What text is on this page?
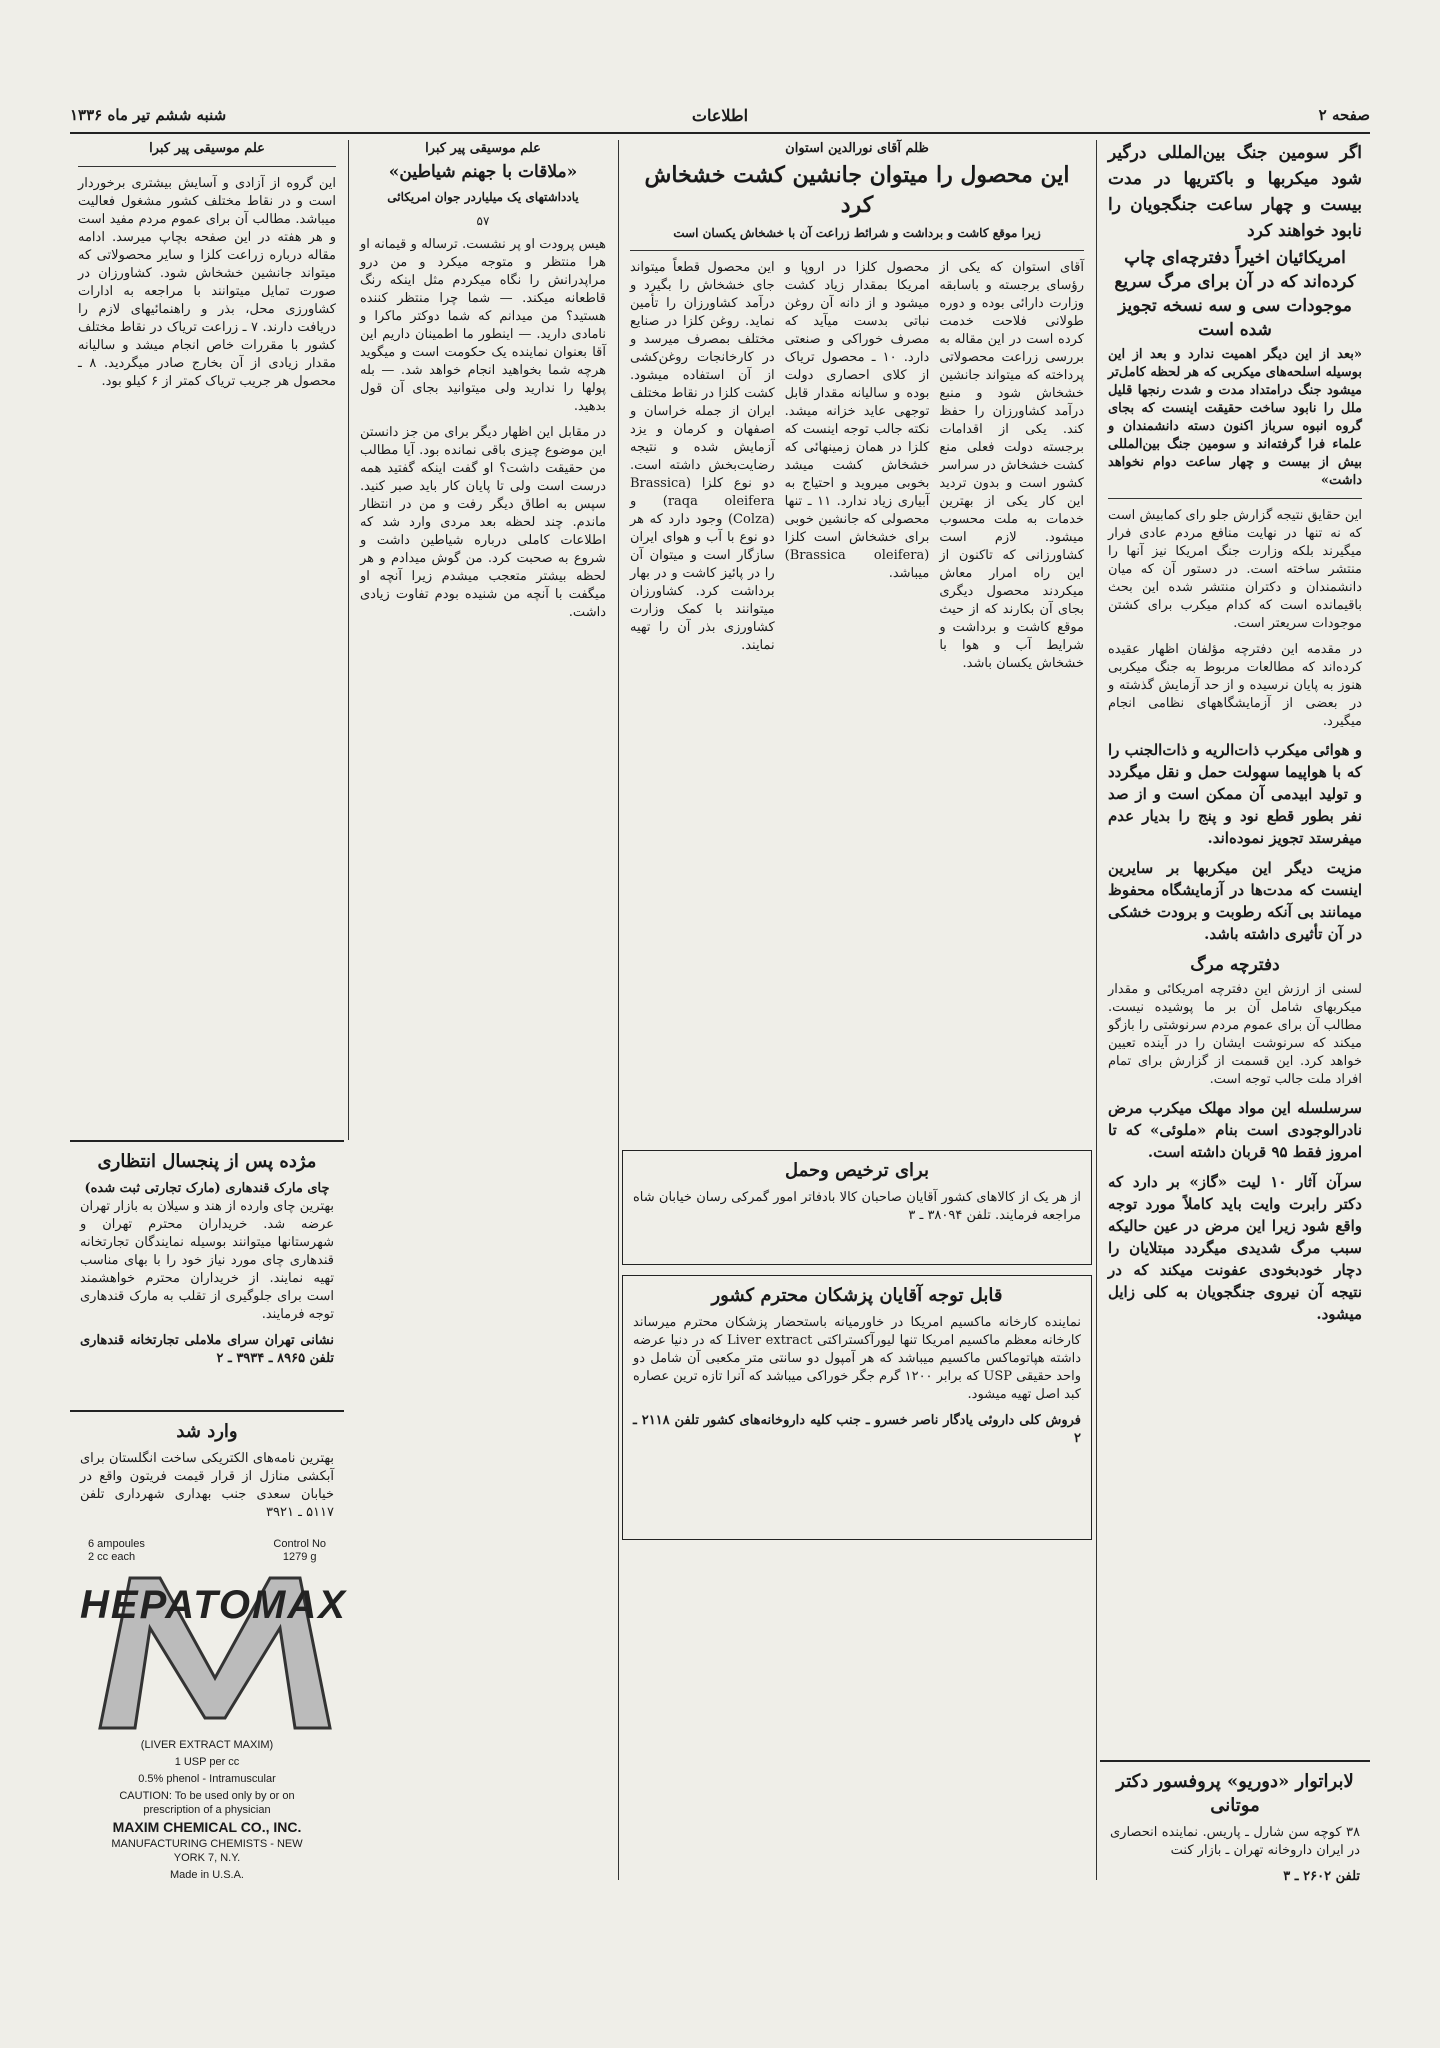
صفحه ۲
اطلاعات
شنبه ششم تیر ماه ۱۳۳۶
اگر سومین جنگ بین‌المللی درگیر شود میکربها و باکتریها در مدت بیست و چهار ساعت جنگجویان را نابود خواهند کرد
امریکائیان اخیراً دفترچه‌ای چاپ کرده‌اند که در آن برای مرگ سریع موجودات سی و سه نسخه تجویز شده است

«بعد از این دیگر اهمیت ندارد و بعد از این بوسیله اسلحه‌های میکربی که هر لحظه کامل‌تر میشود جنگ درامتداد مدت و شدت رنجها قلیل ملل را نابود ساخت حقیقت اینست که بجای گروه انبوه سرباز اکنون دسته دانشمندان و علماء فرا گرفته‌اند و سومین جنگ بین‌المللی بیش از بیست و چهار ساعت دوام نخواهد داشت»

این حقایق نتیجه گزارش جلو رای کمابیش است که نه تنها در نهایت منافع مردم عادی فرار میگیرند بلکه وزارت جنگ امریکا نیز آنها را منتشر ساخته است. در دستور آن که میان دانشمندان و دکتران منتشر شده این بحث باقیمانده است که کدام میکرب برای کشتن موجودات سریعتر است.

در مقدمه این دفترچه مؤلفان اظهار عقیده کرده‌اند که مطالعات مربوط به جنگ میکربی هنوز به پایان نرسیده و از حد آزمایش گذشته و در بعضی از آزمایشگاههای نظامی انجام میگیرد.

و هوائی میکرب ذات‌الریه و ذات‌الجنب را که با هواپیما سهولت حمل و نقل میگردد و تولید ابیدمی آن ممکن است و از صد نفر بطور قطع نود و پنج را بدیار عدم میفرستد تجویز نموده‌اند.

مزیت دیگر این میکربها بر سایرین اینست که مدت‌ها در آزمایشگاه محفوظ میمانند بی آنکه رطوبت و برودت خشکی در آن تأثیری داشته باشد.

دفترچه مرگ

لسنی از ارزش این دفترچه امریکائی و مقدار میکربهای شامل آن بر ما پوشیده نیست. مطالب آن برای عموم مردم سرنوشتی را بازگو میکند که سرنوشت ایشان را در آینده تعیین خواهد کرد. این قسمت از گزارش برای تمام افراد ملت جالب توجه است.

سرسلسله این مواد مهلک میکرب مرض نادرالوجودی است بنام «ملوئی» که تا امروز فقط ۹۵ قربان داشته است.

سرآن آثار ۱۰ لیت «گاز» بر دارد که دکتر رابرت وایت باید کاملاً مورد توجه واقع شود زیرا این مرض در عین حالیکه سبب مرگ شدیدی میگردد مبتلایان را دچار خودبخودی عفونت میکند که در نتیجه آن نیروی جنگجویان به کلی زایل میشود.

ظلم آقای نورالدین استوان
این محصول را میتوان جانشین کشت خشخاش کرد
زیرا موقع کاشت و برداشت و شرائط زراعت آن با خشخاش یکسان است
آقای استوان که یکی از رؤسای برجسته و باسابقه وزارت دارائی بوده و دوره طولانی فلاحت خدمت کرده است در این مقاله به بررسی زراعت محصولاتی پرداخته که میتواند جانشین خشخاش شود و منبع درآمد کشاورزان را حفظ کند. یکی از اقدامات برجسته دولت فعلی منع کشت خشخاش در سراسر کشور است و بدون تردید این کار یکی از بهترین خدمات به ملت محسوب میشود. لازم است کشاورزانی که تاکنون از این راه امرار معاش میکردند محصول دیگری بجای آن بکارند که از حیث موقع کاشت و برداشت و شرایط آب و هوا با خشخاش یکسان باشد.
محصول کلزا در اروپا و امریکا بمقدار زیاد کشت میشود و از دانه آن روغن نباتی بدست میآید که مصرف خوراکی و صنعتی دارد. ۱۰ ـ محصول تریاک از کلای احصاری دولت بوده و سالیانه مقدار قابل توجهی عاید خزانه میشد. نکته جالب توجه اینست که کلزا در همان زمینهائی که خشخاش کشت میشد بخوبی میروید و احتیاج به آبیاری زیاد ندارد. ۱۱ ـ تنها محصولی که جانشین خوبی برای خشخاش است کلزا (Brassica oleifera) میباشد.
این محصول قطعاً میتواند جای خشخاش را بگیرد و درآمد کشاورزان را تأمین نماید. روغن کلزا در صنایع مختلف بمصرف میرسد و در کارخانجات روغن‌کشی از آن استفاده میشود. کشت کلزا در نقاط مختلف ایران از جمله خراسان و اصفهان و کرمان و یزد آزمایش شده و نتیجه رضایت‌بخش داشته است. دو نوع کلزا (Brassica raqa oleifera) و (Colza) وجود دارد که هر دو نوع با آب و هوای ایران سازگار است و میتوان آن را در پائیز کاشت و در بهار برداشت کرد. کشاورزان میتوانند با کمک وزارت کشاورزی بذر آن را تهیه نمایند.
علم موسیقی پیر کبرا
«ملاقات با جهنم شیاطین»
یادداشتهای یک میلیاردر جوان امریکائی
۵۷

هیس پرودت او پر نشست. ترساله و قیمانه او هرا منتظر و متوجه میکرد و من درو مراپدرانش را نگاه میکردم مثل اینکه رنگ قاطعانه میکند. — شما چرا منتظر کننده هستید؟ من میدانم که شما دوکتر ماکرا و نامادی دارید. — اینطور ما اطمینان داریم این آقا بعنوان نماینده یک حکومت است و میگوید هرچه شما بخواهید انجام خواهد شد. — بله پولها را ندارید ولی میتوانید بجای آن قول بدهید.

در مقابل این اظهار دیگر برای من جز دانستن این موضوع چیزی باقی نمانده بود. آیا مطالب من حقیقت داشت؟ او گفت اینکه گفتید همه درست است ولی تا پایان کار باید صبر کنید. سپس به اطاق دیگر رفت و من در انتظار ماندم. چند لحظه بعد مردی وارد شد که اطلاعات کاملی درباره شیاطین داشت و شروع به صحبت کرد. من گوش میدادم و هر لحظه بیشتر متعجب میشدم زیرا آنچه او میگفت با آنچه من شنیده بودم تفاوت زیادی داشت.

علم موسیقی پیر کبرا

این گروه از آزادی و آسایش بیشتری برخوردار است و در نقاط مختلف کشور مشغول فعالیت میباشد. مطالب آن برای عموم مردم مفید است و هر هفته در این صفحه بچاپ میرسد. ادامه مقاله درباره زراعت کلزا و سایر محصولاتی که میتواند جانشین خشخاش شود. کشاورزان در صورت تمایل میتوانند با مراجعه به ادارات کشاورزی محل، بذر و راهنمائیهای لازم را دریافت دارند. ۷ ـ زراعت تریاک در نقاط مختلف کشور با مقررات خاص انجام میشد و سالیانه مقدار زیادی از آن بخارج صادر میگردید. ۸ ـ محصول هر جریب تریاک کمتر از ۶ کیلو بود.

مژده پس از پنجسال انتظاری
چای مارک قندهاری (مارک تجارتی ثبت شده)

بهترین چای وارده از هند و سیلان به بازار تهران عرضه شد. خریداران محترم تهران و شهرستانها میتوانند بوسیله نمایندگان تجارتخانه قندهاری چای مورد نیاز خود را با بهای مناسب تهیه نمایند. از خریداران محترم خواهشمند است برای جلوگیری از تقلب به مارک قندهاری توجه فرمایند.

نشانی تهران سرای ملاملی تجارتخانه قندهاری تلفن ۸۹۶۵ ـ ۳۹۳۴ ـ ۲
وارد شد

بهترین نامه‌های الکتریکی ساخت انگلستان برای آبکشی منازل از قرار قیمت فریتون واقع در خیابان سعدی جنب بهداری شهرداری تلفن ۵۱۱۷ ـ ۳۹۲۱

برای ترخیص وحمل

از هر یک از کالاهای کشور آقایان صاحبان کالا بادفاتر امور گمرکی رسان خیابان شاه مراجعه فرمایند. تلفن ۳۸۰۹۴ ـ ۳

قابل توجه آقایان پزشکان محترم کشور

نماینده کارخانه ماکسیم امریکا در خاورمیانه باستحضار پزشکان محترم میرساند کارخانه معظم ماکسیم امریکا تنها لیورآکستراکتی Liver extract که در دنیا عرضه داشته هپاتوماکس ماکسیم میباشد که هر آمپول دو سانتی متر مکعبی آن شامل دو واحد حقیقی USP که برابر ۱۲۰۰ گرم جگر خوراکی میباشد که آنرا تازه ترین عصاره کبد اصل تهیه میشود.

فروش کلی داروئی یادگار ناصر خسرو ـ جنب کلیه داروخانه‌های کشور تلفن ۲۱۱۸ ـ ۲
لابراتوار «دوریو» پروفسور دکتر موتانی

۳۸ کوچه سن شارل ـ پاریس. نماینده انحصاری در ایران داروخانه تهران ـ بازار کنت

تلفن ۲۶۰۲ ـ ۳
6 ampoules
2 cc each
Control No
1279 g
HEPATOMAX
(LIVER EXTRACT MAXIM)
1 USP per cc
0.5% phenol - Intramuscular
CAUTION: To be used only by or on prescription of a physician
MAXIM CHEMICAL CO., INC.
MANUFACTURING CHEMISTS - NEW YORK 7, N.Y.
Made in U.S.A.
